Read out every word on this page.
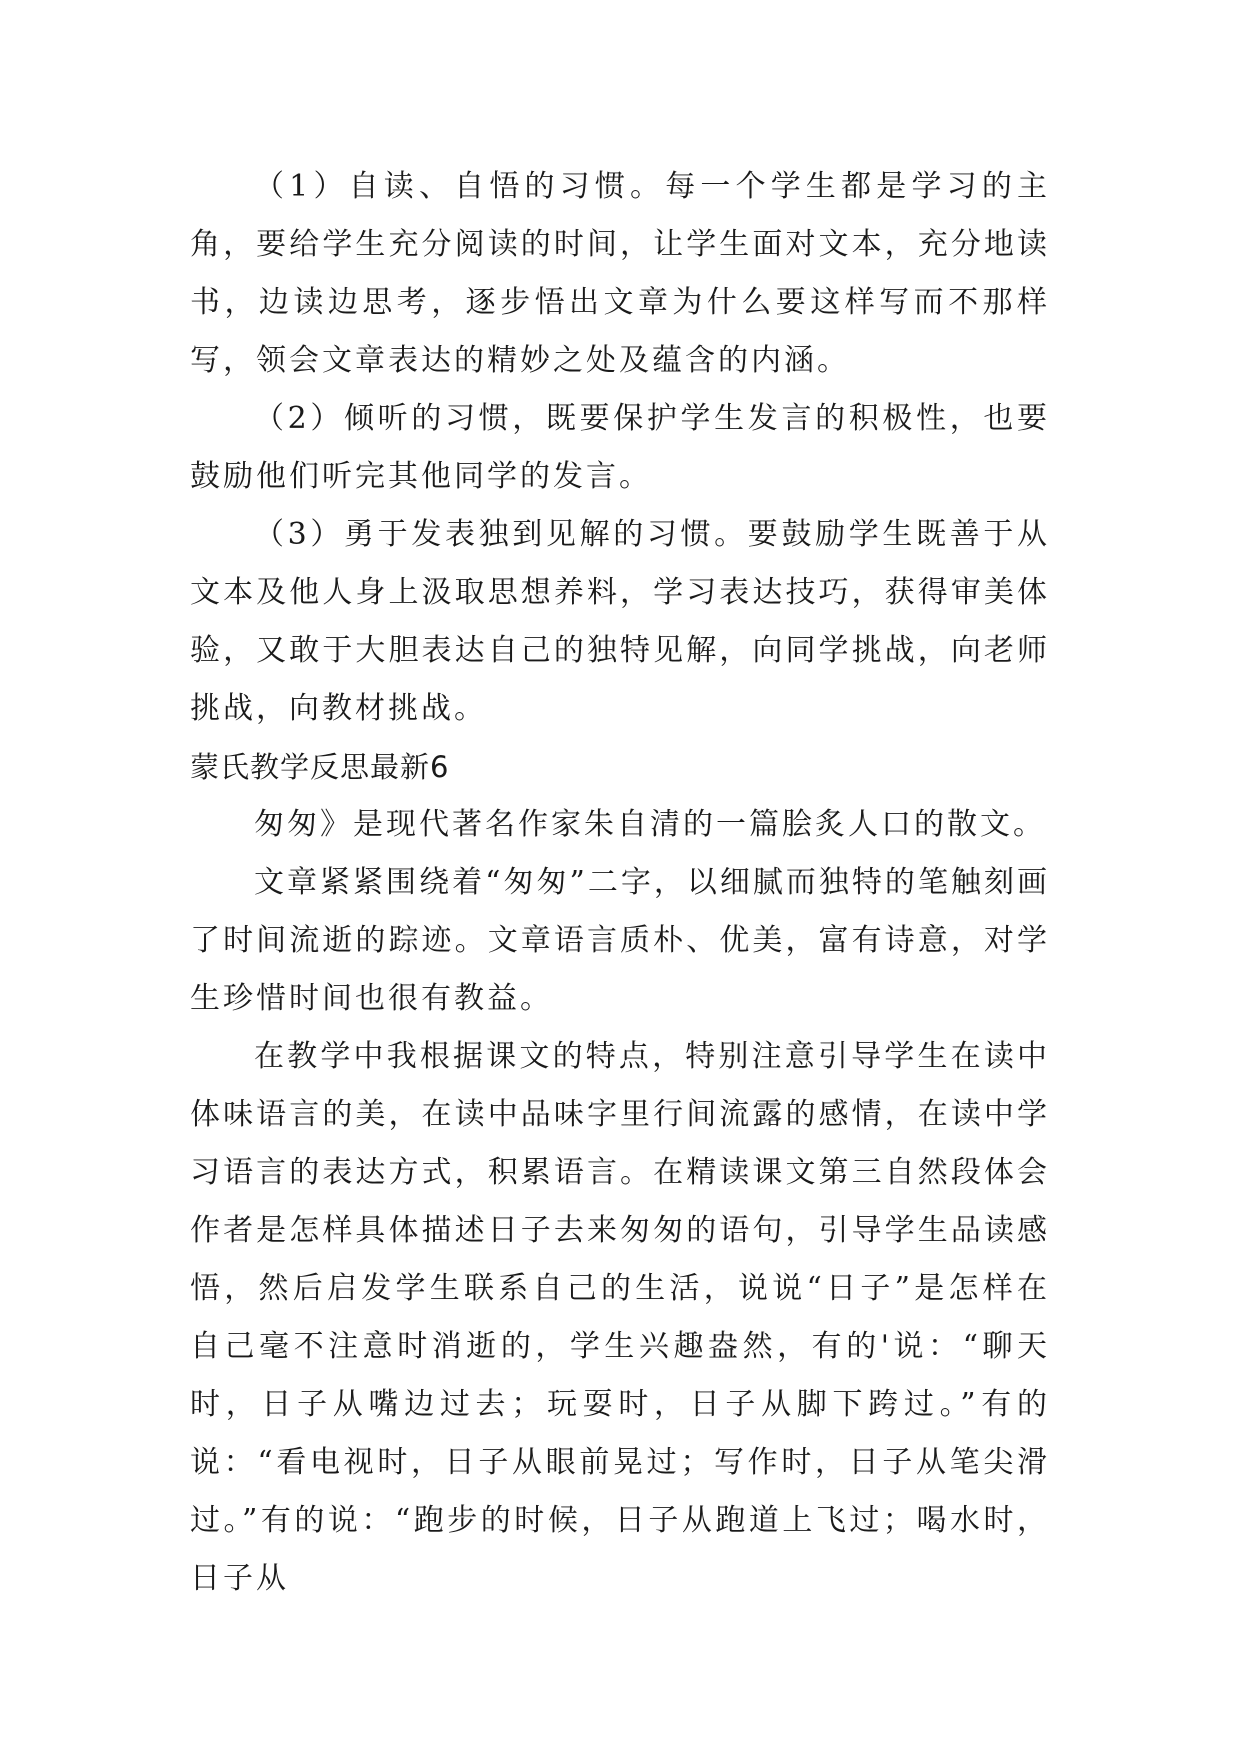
（1）自读、自悟的习惯。每一个学生都是学习的主角，要给学生充分阅读的时间，让学生面对文本，充分地读书，边读边思考，逐步悟出文章为什么要这样写而不那样写，领会文章表达的精妙之处及蕴含的内涵。

（2）倾听的习惯，既要保护学生发言的积极性，也要鼓励他们听完其他同学的发言。

（3）勇于发表独到见解的习惯。要鼓励学生既善于从文本及他人身上汲取思想养料，学习表达技巧，获得审美体验，又敢于大胆表达自己的独特见解，向同学挑战，向老师挑战，向教材挑战。

蒙氏教学反思最新6

匆匆》是现代著名作家朱自清的一篇脍炙人口的散文。

文章紧紧围绕着“匆匆”二字，以细腻而独特的笔触刻画了时间流逝的踪迹。文章语言质朴、优美，富有诗意，对学生珍惜时间也很有教益。

在教学中我根据课文的特点，特别注意引导学生在读中体味语言的美，在读中品味字里行间流露的感情，在读中学习语言的表达方式，积累语言。在精读课文第三自然段体会作者是怎样具体描述日子去来匆匆的语句，引导学生品读感悟，然后启发学生联系自己的生活，说说“日子”是怎样在自己毫不注意时消逝的，学生兴趣盎然，有的'说：“聊天时，日子从嘴边过去；玩耍时，日子从脚下跨过。”有的说：“看电视时，日子从眼前晃过；写作时，日子从笔尖滑过。”有的说：“跑步的时候，日子从跑道上飞过；喝水时，日子从
